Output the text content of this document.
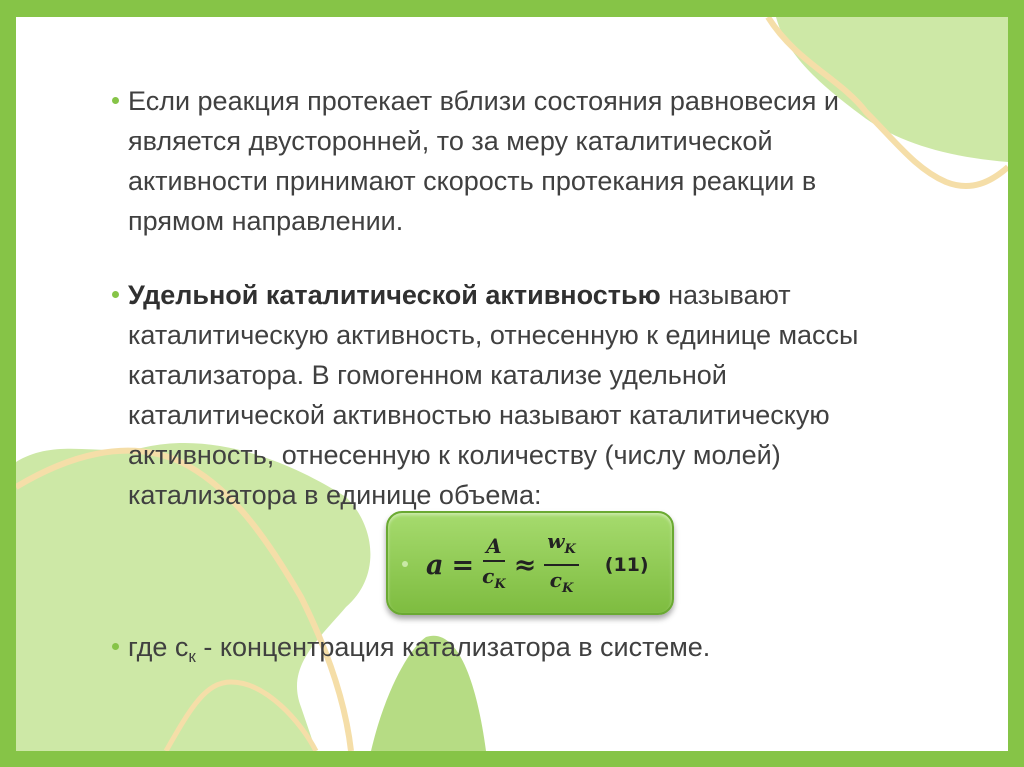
Если реакция протекает вблизи состояния равновесия и является двусторонней, то за меру каталитической активности принимают скорость протекания реакции в прямом направлении.
Удельной каталитической активностью называют каталитическую активность, отнесенную к единице массы катализатора. В гомогенном катализе удельной каталитической активностью называют каталитическую активность, отнесенную к количеству (числу молей) катализатора в единице объема:
$a = \frac{A}{c_K} \approx \frac{w_K}{c_K} (11)$
где $с_к$ - концентрация катализатора в системе.
